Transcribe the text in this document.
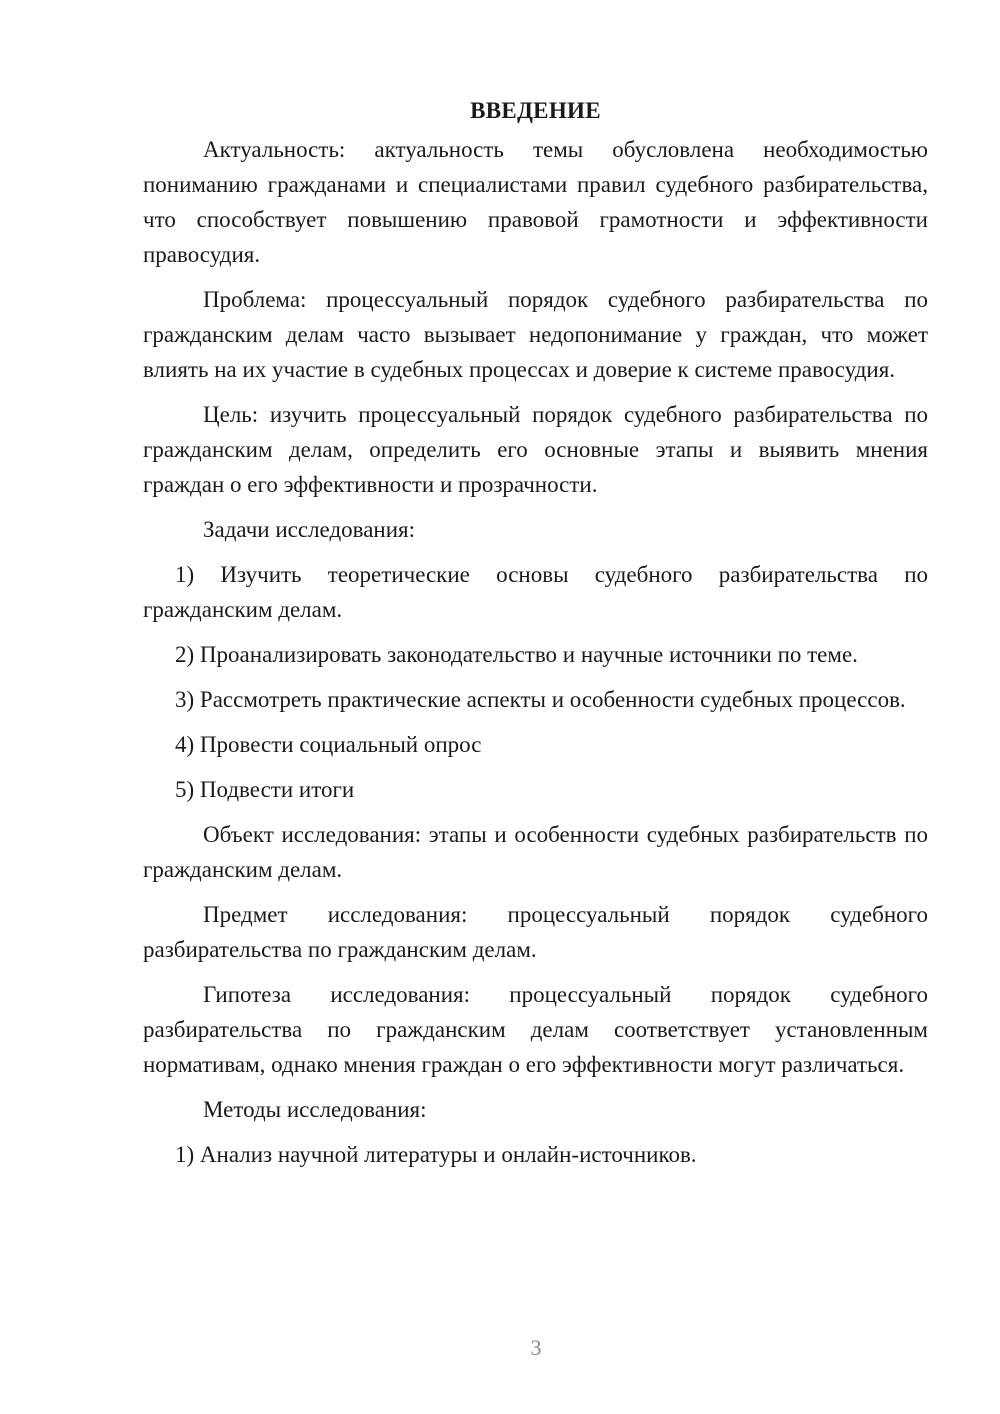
ВВЕДЕНИЕ

Актуальность: актуальность темы обусловлена необходимостью пониманию гражданами и специалистами правил судебного разбирательства, что способствует повышению правовой грамотности и эффективности правосудия.

Проблема: процессуальный порядок судебного разбирательства по гражданским делам часто вызывает недопонимание у граждан, что может влиять на их участие в судебных процессах и доверие к системе правосудия.

Цель: изучить процессуальный порядок судебного разбирательства по гражданским делам, определить его основные этапы и выявить мнения граждан о его эффективности и прозрачности.

Задачи исследования:

1) Изучить теоретические основы судебного разбирательства по гражданским делам.

2) Проанализировать законодательство и научные источники по теме.

3) Рассмотреть практические аспекты и особенности судебных процессов.

4) Провести социальный опрос

5) Подвести итоги

Объект исследования: этапы и особенности судебных разбирательств по гражданским делам.

Предмет исследования: процессуальный порядок судебного разбирательства по гражданским делам.

Гипотеза исследования: процессуальный порядок судебного разбирательства по гражданским делам соответствует установленным нормативам, однако мнения граждан о его эффективности могут различаться.

Методы исследования:

1) Анализ научной литературы и онлайн-источников.

3
